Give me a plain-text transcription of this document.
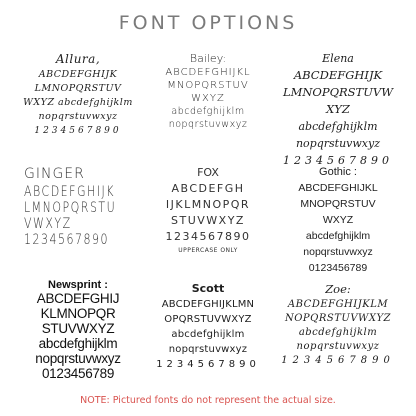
FONT OPTIONS
Allura,
ABCDEFGHIJK
LMNOPQRSTUV
WXYZ abcdefghijklm
nopqrstuvwxyz
1234567890
Bailey:
ABCDEFGHIJKL
MNOPQRSTUV
WXYZ
abcdefghijklm
nopqrstuvwxyz
Elena
ABCDEFGHIJK
LMNOPQRSTUVW
XYZ
abcdefghijklm
nopqrstuvwxyz
1234567890
GINGER
ABCDEFGHIJK
LMNOPQRSTU
VWXYZ
1234567890
FOX
ABCDEFGH
IJKLMNOPQR
STUVWXYZ
1234567890
UPPERCASE ONLY
Gothic :
ABCDEFGHIJKL
MNOPQRSTUV
WXYZ
abcdefghijklm
nopqrstuvwxyz
0123456789
Newsprint :
ABCDEFGHIJ
KLMNOPQR
STUVWXYZ
abcdefghijklm
nopqrstuvwxyz
0123456789
Scott
ABCDEFGHIJKLMN
OPQRSTUVWXYZ
abcdefghijklm
nopqrstuvwxyz
1234567890
Zoe:
ABCDEFGHIJKLM
NOPQRSTUVWXYZ
abcdefghijklm
nopqrstuvwxyz
1234567890
NOTE: Pictured fonts do not represent the actual size.
